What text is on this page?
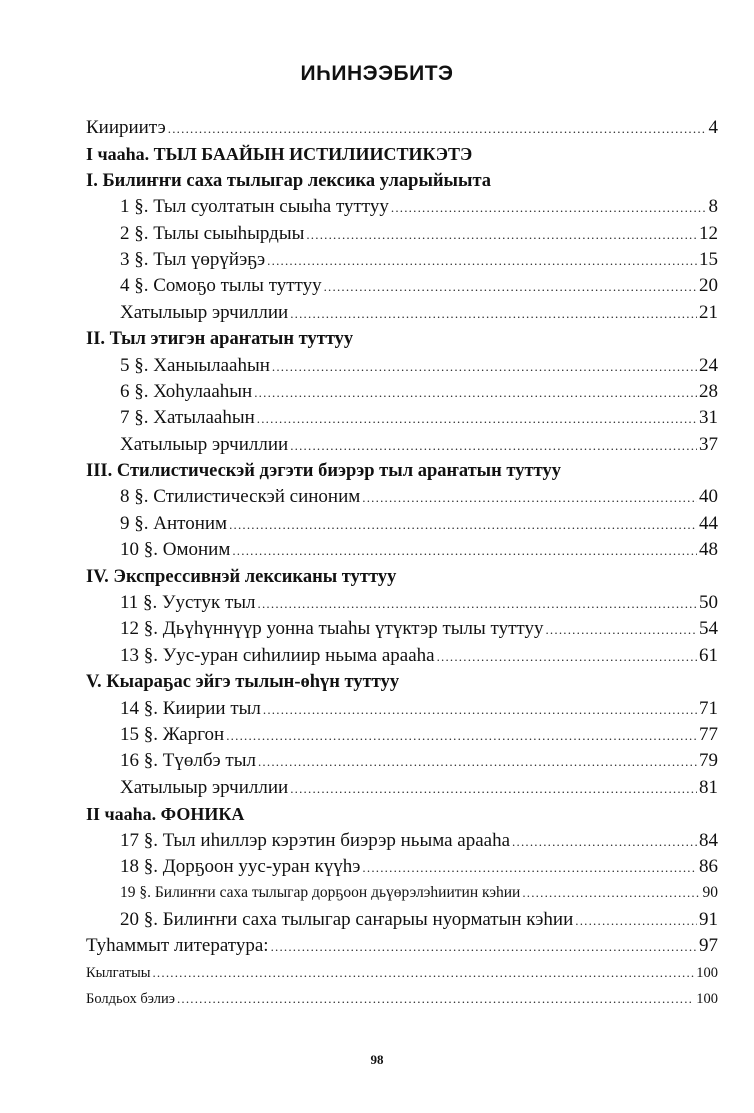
ИҺИНЭЭБИТЭ
Киириитэ .....	4
I чааһа. ТЫЛ БААЙЫН ИСТИЛИИСТИКЭТЭ
I. Билиҥҥи саха тылыгар лексика уларыйыыта
1 §. Тыл суолтатын сыыһа туттуу .....	8
2 §. Тылы сыыһырдыы .....	12
3 §. Тыл үөрүйэҕэ .....	15
4 §. Сомоҕо тылы туттуу .....	20
Хатылыыр эрчиллии .....	21
II. Тыл этигэн араҥатын туттуу
5 §. Ханыылааһын .....	24
6 §. Хоһулааһын .....	28
7 §. Хатылааһын .....	31
Хатылыыр эрчиллии .....	37
III. Стилистическэй дэгэти биэрэр тыл араҥатын туттуу
8 §. Стилистическэй синоним .....	40
9 §. Антоним .....	44
10 §. Омоним .....	48
IV. Экспрессивнэй лексиканы туттуу
11 §. Уустук тыл .....	50
12 §. Дьүһүннүүр уонна тыаһы үтүктэр тылы туттуу .....	54
13 §. Уус-уран сиһилиир ньыма арааһа .....	61
V. Кыараҕас эйгэ тылын-өһүн туттуу
14 §. Киирии тыл .....	71
15 §. Жаргон .....	77
16 §. Түөлбэ тыл .....	79
Хатылыыр эрчиллии .....	81
II чааһа. ФОНИКА
17 §. Тыл иһиллэр кэрэтин биэрэр ньыма арааһа .....	84
18 §. Дорҕоон уус-уран күүһэ .....	86
19 §. Билиҥҥи саха тылыгар дорҕоон дьүөрэлэһиитин кэһии .....	90
20 §. Билиҥҥи саха тылыгар саҥарыы нуорматын кэһии .....	91
Туһаммыт литература: .....	97
Кылгатыы .....	100
Болдьох бэлиэ .....	100
98
